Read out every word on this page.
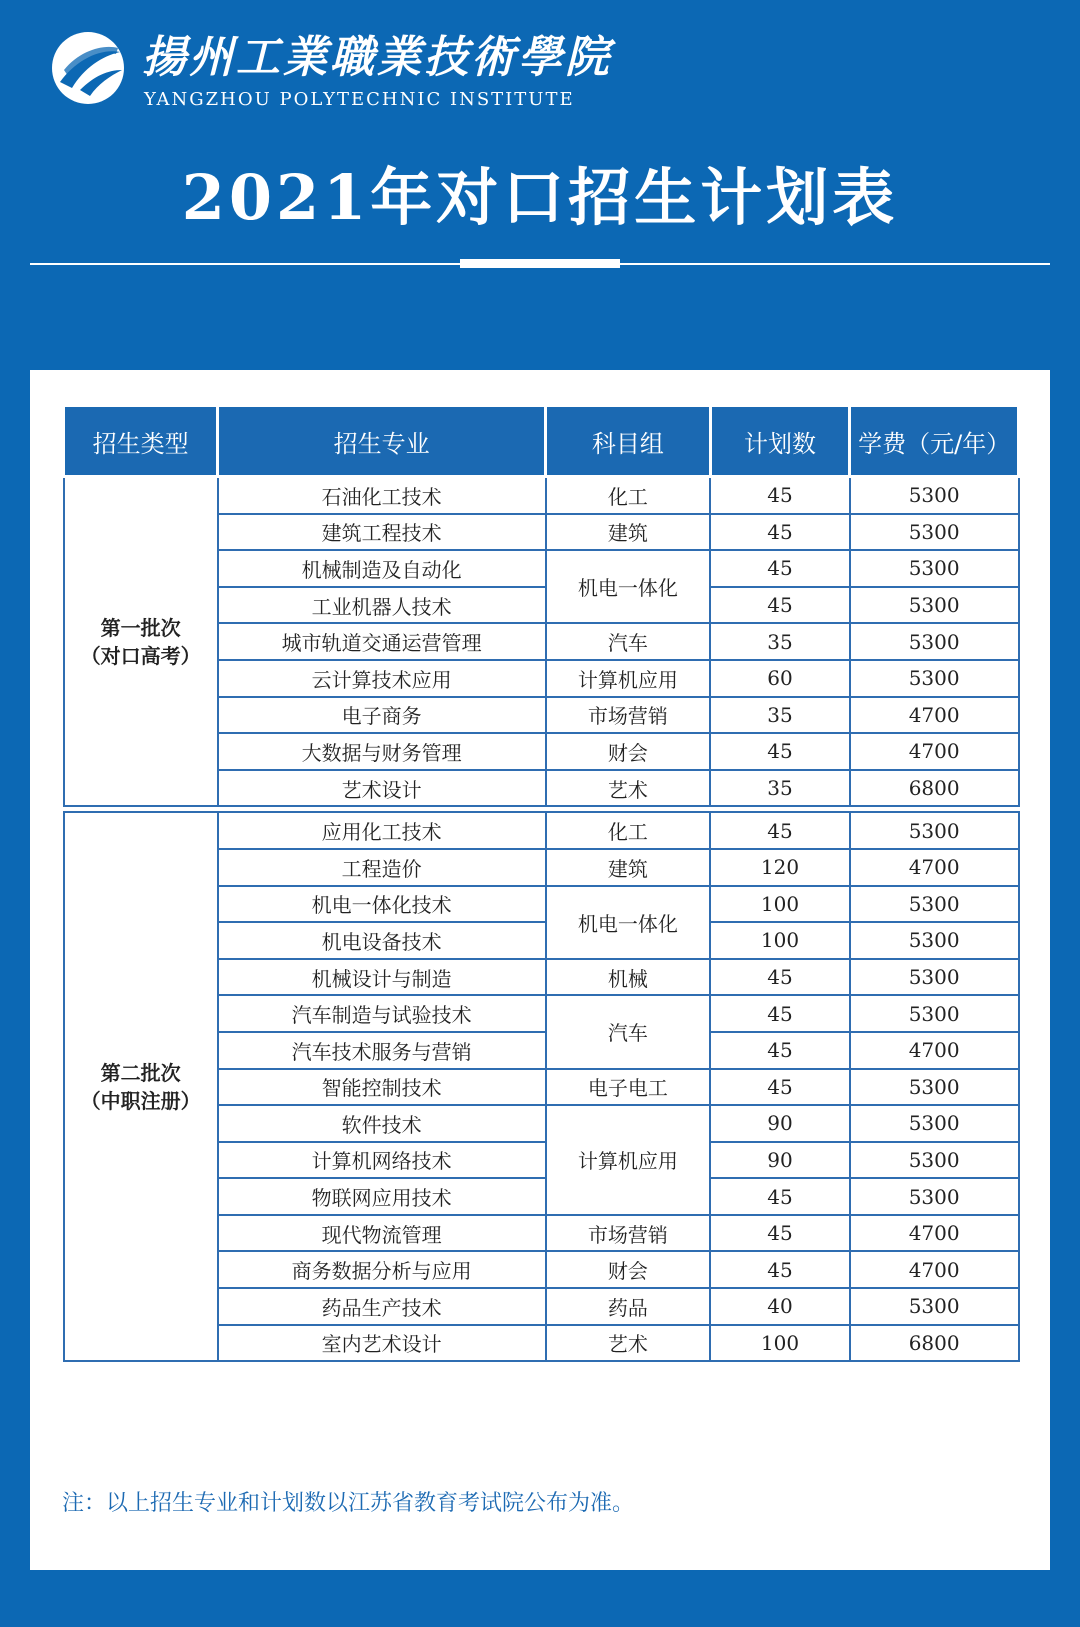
揚州工業職業技術學院
YANGZHOU POLYTECHNIC INSTITUTE
2021年对口招生计划表
招生类型	招生专业	科目组	计划数	学费（元/年）

第一批次
（对口高考）	石油化工技术	化工	45	5300
	建筑工程技术	建筑	45	5300
	机械制造及自动化	机电一体化	45	5300
	工业机器人技术		45	5300
	城市轨道交通运营管理	汽车	35	5300
	云计算技术应用	计算机应用	60	5300
	电子商务	市场营销	35	4700
	大数据与财务管理	财会	45	4700
	艺术设计	艺术	35	6800

第二批次
（中职注册）	应用化工技术	化工	45	5300
	工程造价	建筑	120	4700
	机电一体化技术	机电一体化	100	5300
	机电设备技术		100	5300
	机械设计与制造	机械	45	5300
	汽车制造与试验技术	汽车	45	5300
	汽车技术服务与营销		45	4700
	智能控制技术	电子电工	45	5300
	软件技术	计算机应用	90	5300
	计算机网络技术		90	5300
	物联网应用技术		45	5300
	现代物流管理	市场营销	45	4700
	商务数据分析与应用	财会	45	4700
	药品生产技术	药品	40	5300
	室内艺术设计	艺术	100	6800
注：以上招生专业和计划数以江苏省教育考试院公布为准。
